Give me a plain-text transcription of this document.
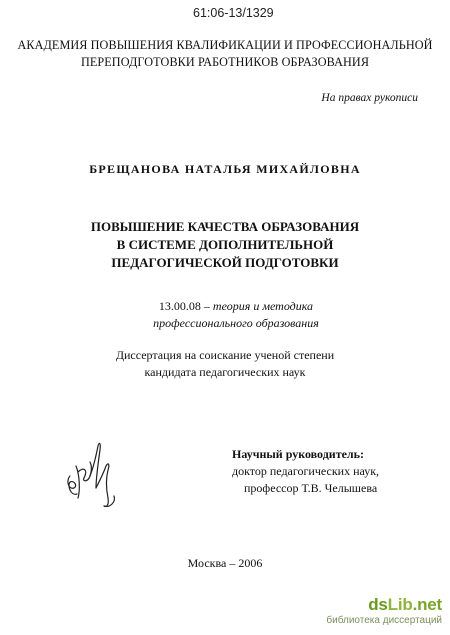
61:06-13/1329
АКАДЕМИЯ ПОВЫШЕНИЯ КВАЛИФИКАЦИИ И ПРОФЕССИОНАЛЬНОЙ
ПЕРЕПОДГОТОВКИ РАБОТНИКОВ ОБРАЗОВАНИЯ
На правах рукописи
БРЕЩАНОВА НАТАЛЬЯ МИХАЙЛОВНА
ПОВЫШЕНИЕ КАЧЕСТВА ОБРАЗОВАНИЯ
В СИСТЕМЕ ДОПОЛНИТЕЛЬНОЙ
ПЕДАГОГИЧЕСКОЙ ПОДГОТОВКИ
13.00.08 – теория и методика
профессионального образования
Диссертация на соискание ученой степени
кандидата педагогических наук
Научный руководитель:
доктор педагогических наук,
профессор Т.В. Челышева
Москва – 2006
dsLib.net
библиотека диссертаций
